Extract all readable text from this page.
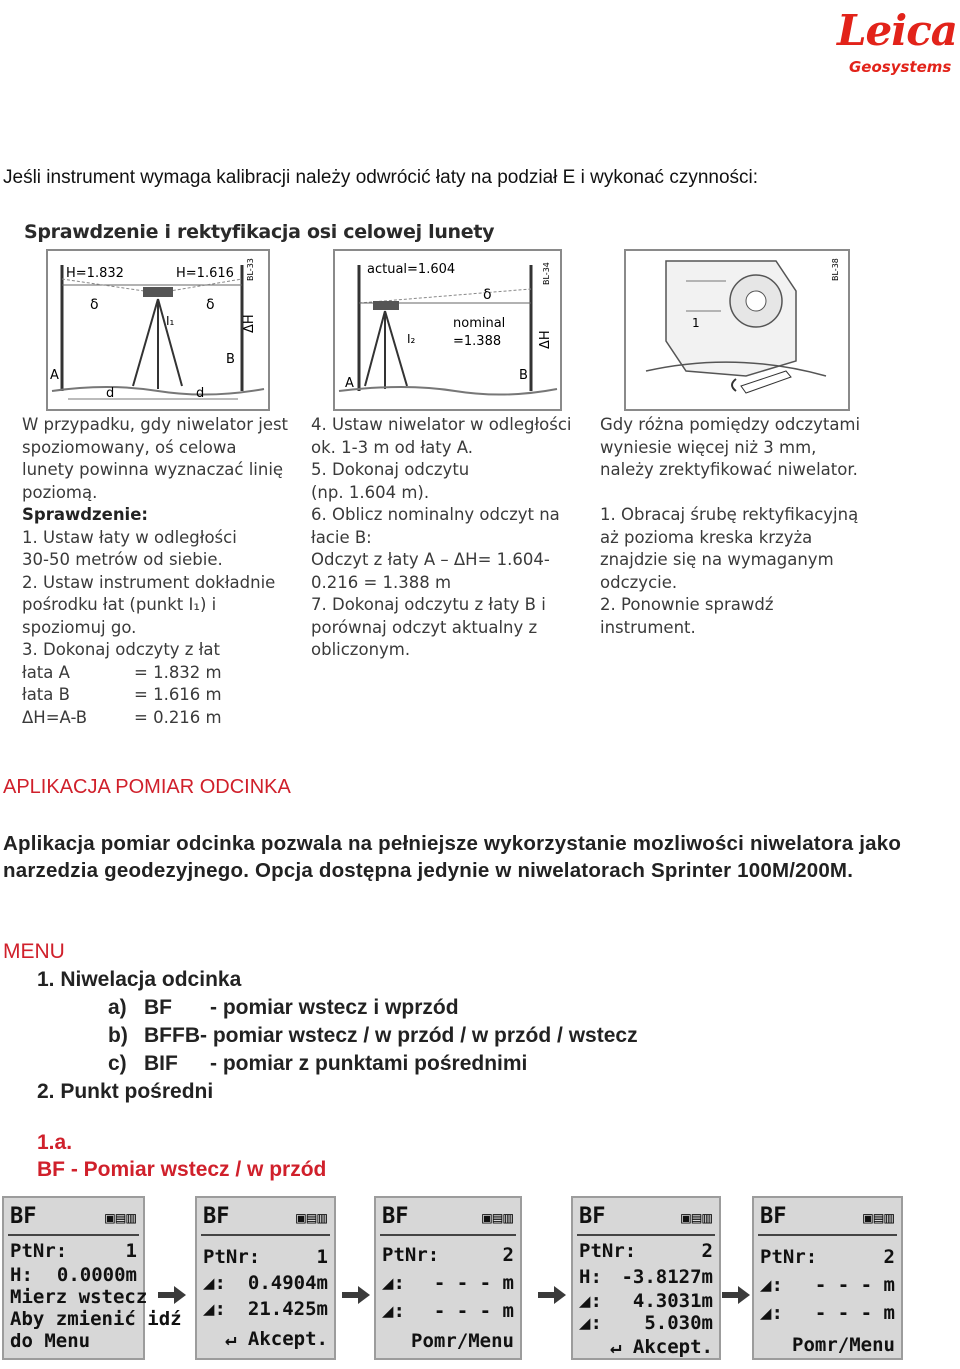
Leica
Geosystems
Jeśli instrument wymaga kalibracji należy odwrócić łaty na podział E i wykonać czynności:
Sprawdzenie i rektyfikacja osi celowej lunety
H=1.832	H=1.616 BL-33
δ	δ
I₁	ΔH
A
B
d	d
actual=1.604	BL-34
δ
nominal
=1.388
I₂	ΔH
A
B
BL-38
1
W przypadku, gdy niwelator jest
spoziomowany, oś celowa
lunety powinna wyznaczać linię
poziomą.
Sprawdzenie:
1. Ustaw łaty w odległości
30-50 metrów od siebie.
2. Ustaw instrument dokładnie
pośrodku łat (punkt I₁) i
spoziomuj go.
3. Dokonaj odczyty z łat
łata A	= 1.832 m
łata B	= 1.616 m
ΔH=A-B	= 0.216 m
4. Ustaw niwelator w odległości
ok. 1-3 m od łaty A.
5. Dokonaj odczytu
(np. 1.604 m).
6. Oblicz nominalny odczyt na
łacie B:
Odczyt z łaty A – ΔH= 1.604-
0.216 = 1.388 m
7. Dokonaj odczytu z łaty B i
porównaj odczyt aktualny z
obliczonym.
Gdy różna pomiędzy odczytami
wyniesie więcej niż 3 mm,
należy zrektyfikować niwelator.
1. Obracaj śrubę rektyfikacyjną
aż pozioma kreska krzyża
znajdzie się na wymaganym
odczycie.
2. Ponownie sprawdź
instrument.
APLIKACJA POMIAR ODCINKA
Aplikacja pomiar odcinka pozwala na pełniejsze wykorzystanie mozliwości niwelatora jako narzedzia geodezyjnego. Opcja dostępna jedynie w niwelatorach Sprinter 100M/200M.
MENU
1. Niwelacja odcinka
a) BF - pomiar wstecz i wprzód
b) BFFB- pomiar wstecz / w przód / w przód / wstecz
c) BIF - pomiar z punktami pośrednimi
2. Punkt pośredni
1.a.
BF - Pomiar wstecz / w przód
BF	▣▤▥
PtNr:	1
H: 0.0000m
Mierz wstecz
Aby zmienić idź
do Menu
BF	▣▤▥
PtNr:	1
◢: 0.4904m
◢: 21.425m
↵ Akcept.
BF	▣▤▥
PtNr:	2
◢: - - - m
◢: - - - m
Pomr/Menu
BF	▣▤▥
PtNr:	2
H: -3.8127m
◢: 4.3031m
◢: 5.030m
↵ Akcept.
BF	▣▤▥
PtNr:	2
◢: - - - m
◢: - - - m
Pomr/Menu
